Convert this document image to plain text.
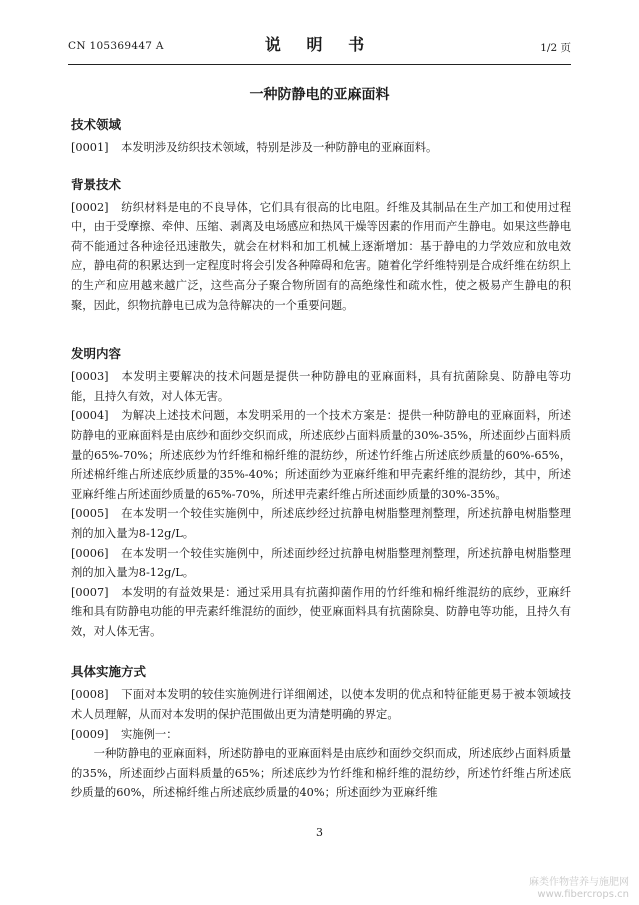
CN 105369447 A	说 明 书	1/2 页
一种防静电的亚麻面料
技术领域

[0001] 本发明涉及纺织技术领域，特别是涉及一种防静电的亚麻面料。

背景技术

[0002] 纺织材料是电的不良导体，它们具有很高的比电阻。纤维及其制品在生产加工和使用过程中，由于受摩擦、牵伸、压缩、剥离及电场感应和热风干燥等因素的作用而产生静电。如果这些静电荷不能通过各种途径迅速散失，就会在材料和加工机械上逐渐增加：基于静电的力学效应和放电效应，静电荷的积累达到一定程度时将会引发各种障碍和危害。随着化学纤维特别是合成纤维在纺织上的生产和应用越来越广泛，这些高分子聚合物所固有的高绝缘性和疏水性，使之极易产生静电的积聚，因此，织物抗静电已成为急待解决的一个重要问题。

发明内容

[0003] 本发明主要解决的技术问题是提供一种防静电的亚麻面料，具有抗菌除臭、防静电等功能，且持久有效，对人体无害。

[0004] 为解决上述技术问题，本发明采用的一个技术方案是：提供一种防静电的亚麻面料，所述防静电的亚麻面料是由底纱和面纱交织而成，所述底纱占面料质量的30%-35%，所述面纱占面料质量的65%-70%；所述底纱为竹纤维和棉纤维的混纺纱，所述竹纤维占所述底纱质量的60%-65%，所述棉纤维占所述底纱质量的35%-40%；所述面纱为亚麻纤维和甲壳素纤维的混纺纱，其中，所述亚麻纤维占所述面纱质量的65%-70%，所述甲壳素纤维占所述面纱质量的30%-35%。

[0005] 在本发明一个较佳实施例中，所述底纱经过抗静电树脂整理剂整理，所述抗静电树脂整理剂的加入量为8-12g/L。

[0006] 在本发明一个较佳实施例中，所述面纱经过抗静电树脂整理剂整理，所述抗静电树脂整理剂的加入量为8-12g/L。

[0007] 本发明的有益效果是：通过采用具有抗菌抑菌作用的竹纤维和棉纤维混纺的底纱，亚麻纤维和具有防静电功能的甲壳素纤维混纺的面纱，使亚麻面料具有抗菌除臭、防静电等功能，且持久有效，对人体无害。

具体实施方式

[0008] 下面对本发明的较佳实施例进行详细阐述，以使本发明的优点和特征能更易于被本领域技术人员理解，从而对本发明的保护范围做出更为清楚明确的界定。

[0009] 实施例一：

一种防静电的亚麻面料，所述防静电的亚麻面料是由底纱和面纱交织而成，所述底纱占面料质量的35%，所述面纱占面料质量的65%；所述底纱为竹纤维和棉纤维的混纺纱，所述竹纤维占所述底纱质量的60%，所述棉纤维占所述底纱质量的40%；所述面纱为亚麻纤维

3
麻类作物营养与施肥网
www.fibercrops.cn
